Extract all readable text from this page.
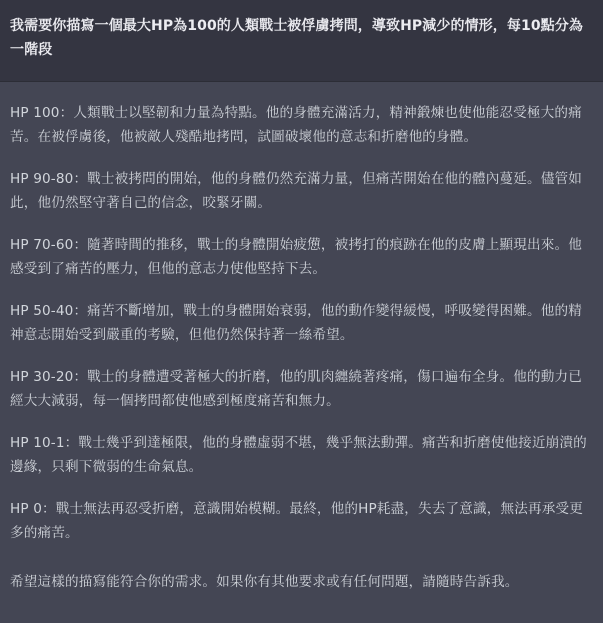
我需要你描寫一個最大HP為100的人類戰士被俘虜拷問，導致HP減少的情形，每10點分為一階段

HP 100：人類戰士以堅韌和力量為特點。他的身體充滿活力，精神鍛煉也使他能忍受極大的痛苦。在被俘虜後，他被敵人殘酷地拷問，試圖破壞他的意志和折磨他的身體。

HP 90-80：戰士被拷問的開始，他的身體仍然充滿力量，但痛苦開始在他的體內蔓延。儘管如此，他仍然堅守著自己的信念，咬緊牙關。

HP 70-60：隨著時間的推移，戰士的身體開始疲憊，被拷打的痕跡在他的皮膚上顯現出來。他感受到了痛苦的壓力，但他的意志力使他堅持下去。

HP 50-40：痛苦不斷增加，戰士的身體開始衰弱，他的動作變得緩慢，呼吸變得困難。他的精神意志開始受到嚴重的考驗，但他仍然保持著一絲希望。

HP 30-20：戰士的身體遭受著極大的折磨，他的肌肉纏繞著疼痛，傷口遍布全身。他的動力已經大大減弱，每一個拷問都使他感到極度痛苦和無力。

HP 10-1：戰士幾乎到達極限，他的身體虛弱不堪，幾乎無法動彈。痛苦和折磨使他接近崩潰的邊緣，只剩下微弱的生命氣息。

HP 0：戰士無法再忍受折磨，意識開始模糊。最終，他的HP耗盡，失去了意識，無法再承受更多的痛苦。

希望這樣的描寫能符合你的需求。如果你有其他要求或有任何問題，請隨時告訴我。
